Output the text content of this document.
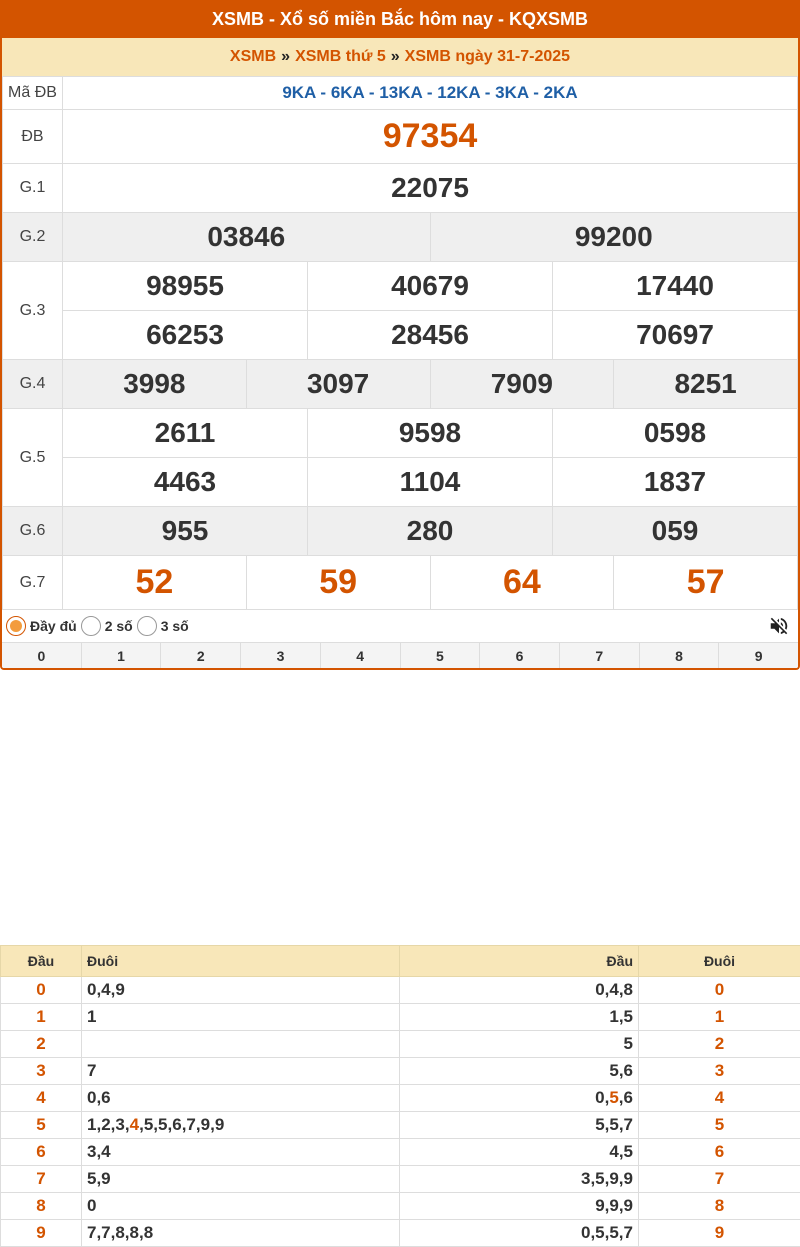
XSMB - Xổ số miền Bắc hôm nay - KQXSMB
XSMB » XSMB thứ 5 » XSMB ngày 31-7-2025
Mã ĐB	9KA - 6KA - 13KA - 12KA - 3KA - 2KA					
ĐB	97354					
G.1	22075					
G.2	03846			99200		
G.3	98955		40679		17440	
	66253		28456		70697	
G.4	3998	3097		7909		8251
G.5	2611		9598		0598	
	4463		1104		1837	
G.6	955		280		059	
G.7	52	59		64		57
Đầy đủ 2 số 3 số
0	1	2	3	4	5	6	7	8	9
Đầu	Đuôi	Đầu	Đuôi
0	0,4,9	0,4,8	0
1	1	1,5	1
2		5	2
3	7	5,6	3
4	0,6	0,5,6	4
5	1,2,3,4,5,5,6,7,9,9	5,5,7	5
6	3,4	4,5	6
7	5,9	3,5,9,9	7
8	0	9,9,9	8
9	7,7,8,8,8	0,5,5,7	9
